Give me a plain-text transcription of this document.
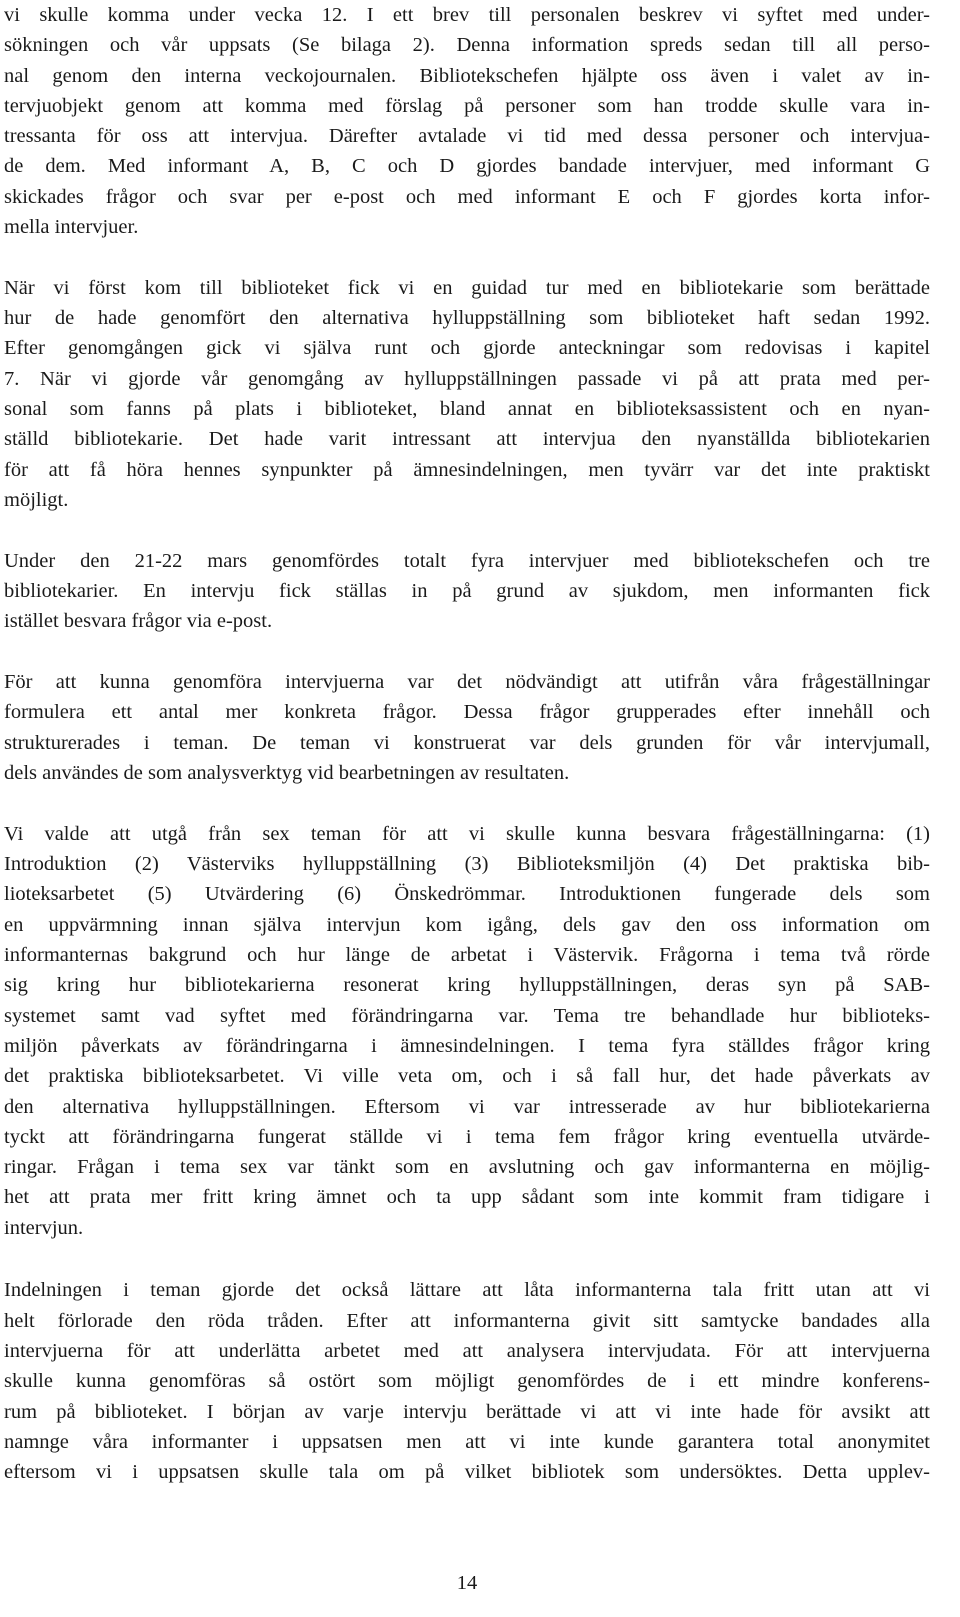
vi skulle komma under vecka 12. I ett brev till personalen beskrev vi syftet med under-
sökningen och vår uppsats (Se bilaga 2). Denna information spreds sedan till all perso-
nal genom den interna veckojournalen. Bibliotekschefen hjälpte oss även i valet av in-
tervjuobjekt genom att komma med förslag på personer som han trodde skulle vara in-
tressanta för oss att intervjua. Därefter avtalade vi tid med dessa personer och intervjua-
de dem. Med informant A, B, C och D gjordes bandade intervjuer, med informant G
skickades frågor och svar per e-post och med informant E och F gjordes korta infor-
mella intervjuer.
När vi först kom till biblioteket fick vi en guidad tur med en bibliotekarie som berättade
hur de hade genomfört den alternativa hylluppställning som biblioteket haft sedan 1992.
Efter genomgången gick vi själva runt och gjorde anteckningar som redovisas i kapitel
7. När vi gjorde vår genomgång av hylluppställningen passade vi på att prata med per-
sonal som fanns på plats i biblioteket, bland annat en biblioteksassistent och en nyan-
ställd bibliotekarie. Det hade varit intressant att intervjua den nyanställda bibliotekarien
för att få höra hennes synpunkter på ämnesindelningen, men tyvärr var det inte praktiskt
möjligt.
Under den 21-22 mars genomfördes totalt fyra intervjuer med bibliotekschefen och tre
bibliotekarier. En intervju fick ställas in på grund av sjukdom, men informanten fick
istället besvara frågor via e-post.
För att kunna genomföra intervjuerna var det nödvändigt att utifrån våra frågeställningar
formulera ett antal mer konkreta frågor. Dessa frågor grupperades efter innehåll och
strukturerades i teman. De teman vi konstruerat var dels grunden för vår intervjumall,
dels användes de som analysverktyg vid bearbetningen av resultaten.
Vi valde att utgå från sex teman för att vi skulle kunna besvara frågeställningarna: (1)
Introduktion (2) Västerviks hylluppställning (3) Biblioteksmiljön (4) Det praktiska bib-
lioteksarbetet (5) Utvärdering (6) Önskedrömmar. Introduktionen fungerade dels som
en uppvärmning innan själva intervjun kom igång, dels gav den oss information om
informanternas bakgrund och hur länge de arbetat i Västervik. Frågorna i tema två rörde
sig kring hur bibliotekarierna resonerat kring hylluppställningen, deras syn på SAB-
systemet samt vad syftet med förändringarna var. Tema tre behandlade hur biblioteks-
miljön påverkats av förändringarna i ämnesindelningen. I tema fyra ställdes frågor kring
det praktiska biblioteksarbetet. Vi ville veta om, och i så fall hur, det hade påverkats av
den alternativa hylluppställningen. Eftersom vi var intresserade av hur bibliotekarierna
tyckt att förändringarna fungerat ställde vi i tema fem frågor kring eventuella utvärde-
ringar. Frågan i tema sex var tänkt som en avslutning och gav informanterna en möjlig-
het att prata mer fritt kring ämnet och ta upp sådant som inte kommit fram tidigare i
intervjun.
Indelningen i teman gjorde det också lättare att låta informanterna tala fritt utan att vi
helt förlorade den röda tråden. Efter att informanterna givit sitt samtycke bandades alla
intervjuerna för att underlätta arbetet med att analysera intervjudata. För att intervjuerna
skulle kunna genomföras så ostört som möjligt genomfördes de i ett mindre konferens-
rum på biblioteket. I början av varje intervju berättade vi att vi inte hade för avsikt att
namnge våra informanter i uppsatsen men att vi inte kunde garantera total anonymitet
eftersom vi i uppsatsen skulle tala om på vilket bibliotek som undersöktes. Detta upplev-
14
